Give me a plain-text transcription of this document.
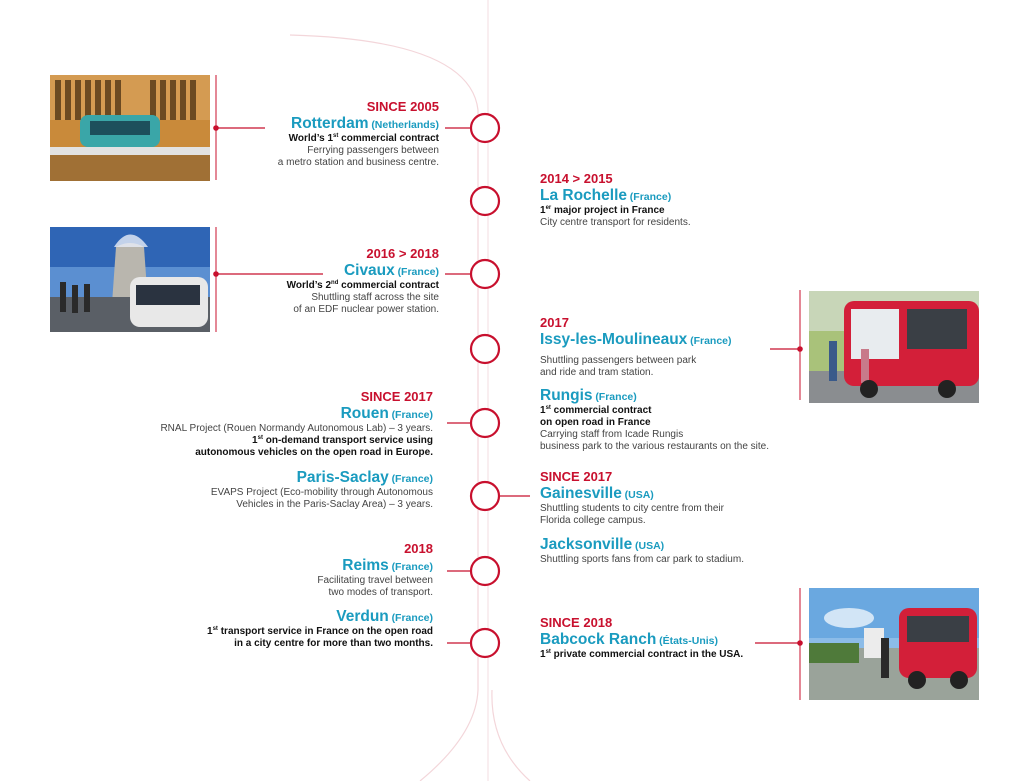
SINCE 2005
Rotterdam (Netherlands)
World’s 1st commercial contract
Ferrying passengers between
a metro station and business centre.
2016 > 2018
Civaux (France)
World’s 2nd commercial contract
Shuttling staff across the site
of an EDF nuclear power station.
SINCE 2017
Rouen (France)
RNAL Project (Rouen Normandy Autonomous Lab) – 3 years.
1st on-demand transport service using
autonomous vehicles on the open road in Europe.
Paris-Saclay (France)
EVAPS Project (Eco-mobility through Autonomous
Vehicles in the Paris-Saclay Area) – 3 years.
2018
Reims (France)
Facilitating travel between
two modes of transport.
Verdun (France)
1st transport service in France on the open road
in a city centre for more than two months.
2014 > 2015
La Rochelle (France)
1er major project in France
City centre transport for residents.
2017
Issy-les-Moulineaux (France)
Shuttling passengers between park
and ride and tram station.
Rungis (France)
1st commercial contract
on open road in France
Carrying staff from Icade Rungis
business park to the various restaurants on the site.
SINCE 2017
Gainesville (USA)
Shuttling students to city centre from their
Florida college campus.
Jacksonville (USA)
Shuttling sports fans from car park to stadium.
SINCE 2018
Babcock Ranch (États-Unis)
1st private commercial contract in the USA.
